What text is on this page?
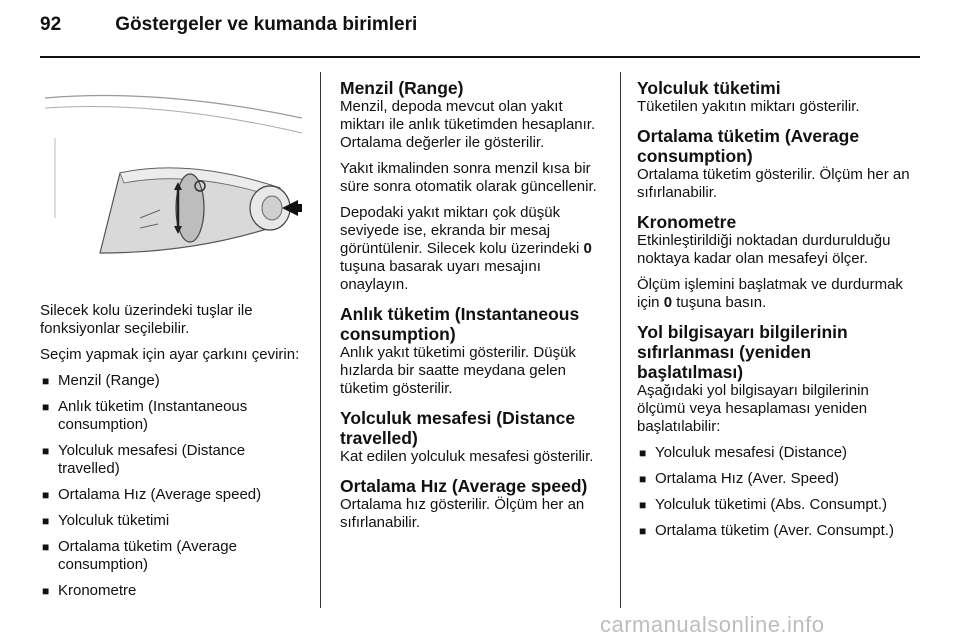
92	Göstergeler ve kumanda birimleri

Silecek kolu üzerindeki tuşlar ile fonksiyonlar seçilebilir.

Seçim yapmak için ayar çarkını çevirin:

■ Menzil (Range)
■ Anlık tüketim (Instantaneous consumption)
■ Yolculuk mesafesi (Distance travelled)
■ Ortalama Hız (Average speed)
■ Yolculuk tüketimi
■ Ortalama tüketim (Average consumption)
■ Kronometre
Menzil (Range)

Menzil, depoda mevcut olan yakıt miktarı ile anlık tüketimden hesaplanır. Ortalama değerler ile gösterilir.

Yakıt ikmalinden sonra menzil kısa bir süre sonra otomatik olarak güncellenir.

Depodaki yakıt miktarı çok düşük seviyede ise, ekranda bir mesaj görüntülenir. Silecek kolu üzerindeki 0 tuşuna basarak uyarı mesajını onaylayın.

Anlık tüketim (Instantaneous consumption)

Anlık yakıt tüketimi gösterilir. Düşük hızlarda bir saatte meydana gelen tüketim gösterilir.

Yolculuk mesafesi (Distance travelled)

Kat edilen yolculuk mesafesi gösterilir.

Ortalama Hız (Average speed)

Ortalama hız gösterilir. Ölçüm her an sıfırlanabilir.

Yolculuk tüketimi

Tüketilen yakıtın miktarı gösterilir.

Ortalama tüketim (Average consumption)

Ortalama tüketim gösterilir. Ölçüm her an sıfırlanabilir.

Kronometre

Etkinleştirildiği noktadan durdurulduğu noktaya kadar olan mesafeyi ölçer.

Ölçüm işlemini başlatmak ve durdurmak için 0 tuşuna basın.

Yol bilgisayarı bilgilerinin sıfırlanması (yeniden başlatılması)

Aşağıdaki yol bilgisayarı bilgilerinin ölçümü veya hesaplaması yeniden başlatılabilir:

■ Yolculuk mesafesi (Distance)
■ Ortalama Hız (Aver. Speed)
■ Yolculuk tüketimi (Abs. Consumpt.)
■ Ortalama tüketim (Aver. Consumpt.)
carmanualsonline.info
